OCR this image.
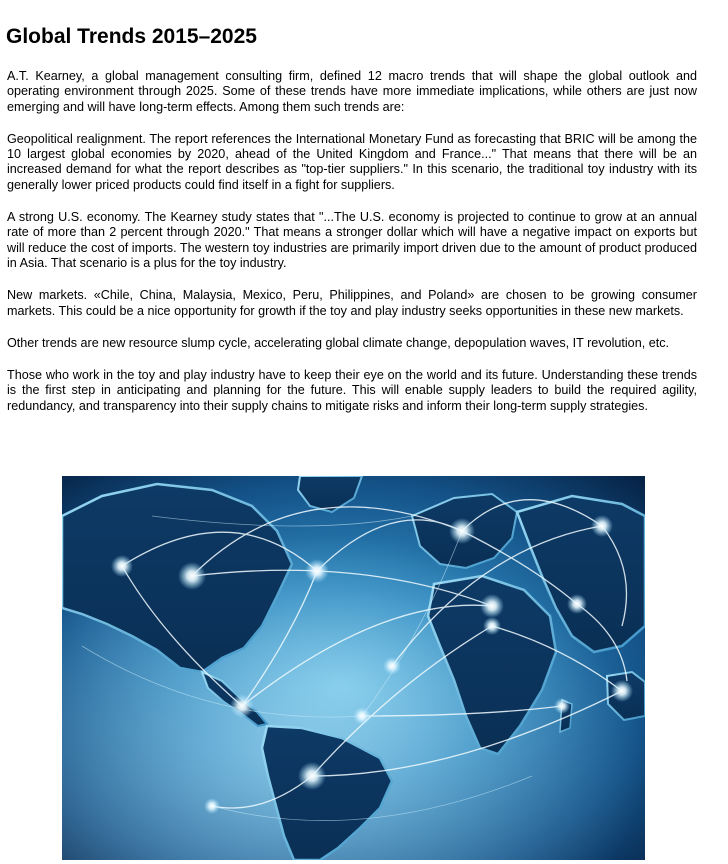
Global Trends 2015–2025

A.T. Kearney, a global management consulting firm, defined 12 macro trends that will shape the global outlook and operating environment through 2025. Some of these trends have more immediate implications, while others are just now emerging and will have long-term effects. Among them such trends are:

Geopolitical realignment. The report references the International Monetary Fund as forecasting that BRIC will be among the 10 largest global economies by 2020, ahead of the United Kingdom and France..." That means that there will be an increased demand for what the report describes as "top-tier suppliers." In this scenario, the traditional toy industry with its generally lower priced products could find itself in a fight for suppliers.

A strong U.S. economy. The Kearney study states that "...The U.S. economy is projected to continue to grow at an annual rate of more than 2 percent through 2020." That means a stronger dollar which will have a negative impact on exports but will reduce the cost of imports. The western toy industries are primarily import driven due to the amount of product produced in Asia. That scenario is a plus for the toy industry.

New markets. «Chile, China, Malaysia, Mexico, Peru, Philippines, and Poland» are chosen to be growing consumer markets. This could be a nice opportunity for growth if the toy and play industry seeks opportunities in these new markets.

Other trends are new resource slump cycle, accelerating global climate change, depopulation waves, IT revolution, etc.

Those who work in the toy and play industry have to keep their eye on the world and its future. Understanding these trends is the first step in anticipating and planning for the future. This will enable supply leaders to build the required agility, redundancy, and transparency into their supply chains to mitigate risks and inform their long-term supply strategies.
